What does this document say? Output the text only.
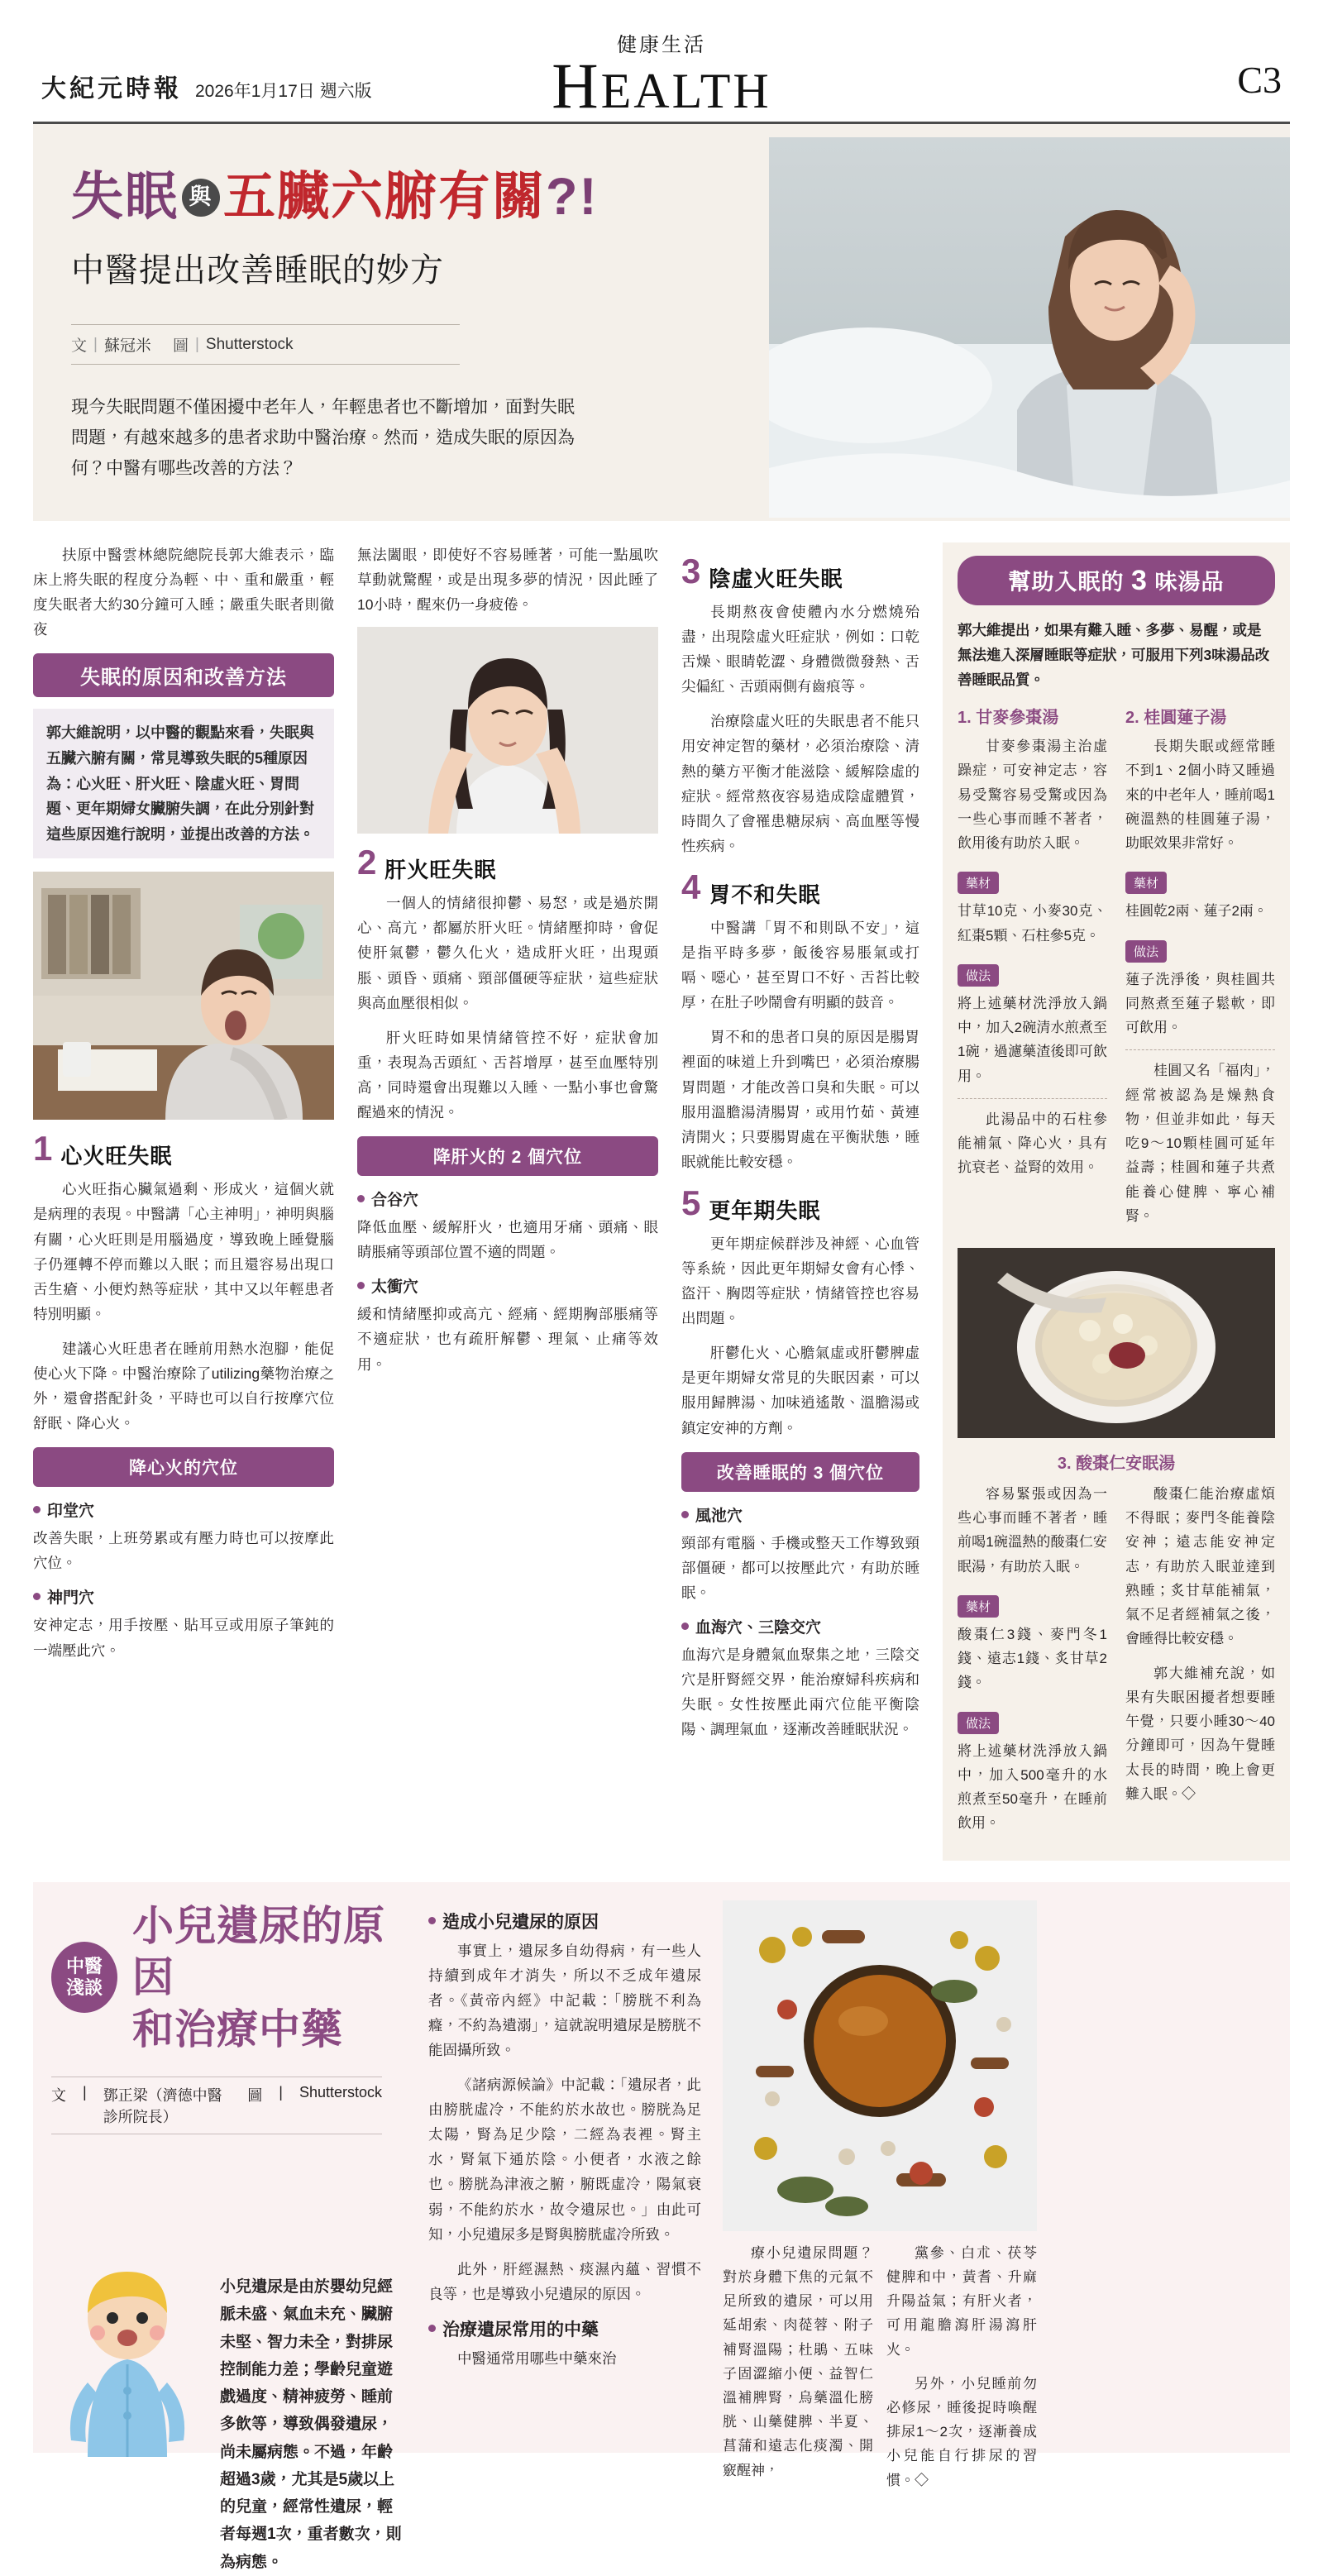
大紀元時報 2026年1月17日 週六版
健康生活
HEALTH	C3
失眠 與 五臟六腑有關?!
中醫提出改善睡眠的妙方
文 | 蘇冠米 圖 | Shutterstock
現今失眠問題不僅困擾中老年人，年輕患者也不斷增加，面對失眠問題，有越來越多的患者求助中醫治療。然而，造成失眠的原因為何？中醫有哪些改善的方法？

扶原中醫雲林總院總院長郭大維表示，臨床上將失眠的程度分為輕、中、重和嚴重，輕度失眠者大約30分鐘可入睡；嚴重失眠者則徹夜

失眠的原因和改善方法
郭大維說明，以中醫的觀點來看，失眠與五臟六腑有關，常見導致失眠的5種原因為：心火旺、肝火旺、陰虛火旺、胃問題、更年期婦女臟腑失調，在此分別針對這些原因進行說明，並提出改善的方法。
1 心火旺失眠

心火旺指心臟氣過剩、形成火，這個火就是病理的表現。中醫講「心主神明」，神明與腦有關，心火旺則是用腦過度，導致晚上睡覺腦子仍運轉不停而難以入眠；而且還容易出現口舌生瘡、小便灼熱等症狀，其中又以年輕患者特別明顯。

建議心火旺患者在睡前用熱水泡腳，能促使心火下降。中醫治療除了utilizing藥物治療之外，還會搭配針灸，平時也可以自行按摩穴位舒眠、降心火。

降心火的穴位
印堂穴

改善失眠，上班勞累或有壓力時也可以按摩此穴位。

神門穴

安神定志，用手按壓、貼耳豆或用原子筆鈍的一端壓此穴。

無法闔眼，即使好不容易睡著，可能一點風吹草動就驚醒，或是出現多夢的情況，因此睡了10小時，醒來仍一身疲倦。

2 肝火旺失眠

一個人的情緒很抑鬱、易怒，或是過於開心、高亢，都屬於肝火旺。情緒壓抑時，會促使肝氣鬱，鬱久化火，造成肝火旺，出現頭脹、頭昏、頭痛、頸部僵硬等症狀，這些症狀與高血壓很相似。

肝火旺時如果情緒管控不好，症狀會加重，表現為舌頭紅、舌苔增厚，甚至血壓特別高，同時還會出現難以入睡、一點小事也會驚醒過來的情況。

降肝火的 2 個穴位
合谷穴

降低血壓、緩解肝火，也適用牙痛、頭痛、眼睛脹痛等頭部位置不適的問題。

太衝穴

緩和情緒壓抑或高亢、經痛、經期胸部脹痛等不適症狀，也有疏肝解鬱、理氣、止痛等效用。

3 陰虛火旺失眠

長期熬夜會使體內水分燃燒殆盡，出現陰虛火旺症狀，例如：口乾舌燥、眼睛乾澀、身體微微發熱、舌尖偏紅、舌頭兩側有齒痕等。

治療陰虛火旺的失眠患者不能只用安神定智的藥材，必須治療陰、清熱的藥方平衡才能滋陰、緩解陰虛的症狀。經常熬夜容易造成陰虛體質，時間久了會罹患糖尿病、高血壓等慢性疾病。

4 胃不和失眠

中醫講「胃不和則臥不安」，這是指平時多夢，飯後容易脹氣或打嗝、噁心，甚至胃口不好、舌苔比較厚，在肚子吵鬧會有明顯的鼓音。

胃不和的患者口臭的原因是腸胃裡面的味道上升到嘴巴，必須治療腸胃問題，才能改善口臭和失眠。可以服用溫膽湯清腸胃，或用竹茹、黃連清開火；只要腸胃處在平衡狀態，睡眠就能比較安穩。

5 更年期失眠

更年期症候群涉及神經、心血管等系統，因此更年期婦女會有心悸、盜汗、胸悶等症狀，情緒管控也容易出問題。

肝鬱化火、心膽氣虛或肝鬱脾虛是更年期婦女常見的失眠因素，可以服用歸脾湯、加味逍遙散、溫膽湯或鎮定安神的方劑。

改善睡眠的 3 個穴位
風池穴

頸部有電腦、手機或整天工作導致頸部僵硬，都可以按壓此穴，有助於睡眠。

血海穴、三陰交穴

血海穴是身體氣血聚集之地，三陰交穴是肝腎經交界，能治療婦科疾病和失眠。女性按壓此兩穴位能平衡陰陽、調理氣血，逐漸改善睡眠狀況。

幫助入眠的 3 味湯品
郭大維提出，如果有難入睡、多夢、易醒，或是無法進入深層睡眠等症狀，可服用下列3味湯品改善睡眠品質。
1. 甘麥參棗湯

甘麥參棗湯主治虛躁症，可安神定志，容易受驚容易受驚或因為一些心事而睡不著者，飲用後有助於入眠。

藥材

甘草10克、小麥30克、紅棗5顆、石柱參5克。

做法

將上述藥材洗淨放入鍋中，加入2碗清水煎煮至1碗，過濾藥渣後即可飲用。

此湯品中的石柱參能補氣、降心火，具有抗衰老、益腎的效用。

2. 桂圓蓮子湯

長期失眠或經常睡不到1、2個小時又睡過來的中老年人，睡前喝1碗溫熱的桂圓蓮子湯，助眠效果非常好。

藥材

桂圓乾2兩、蓮子2兩。

做法

蓮子洗淨後，與桂圓共同熬煮至蓮子鬆軟，即可飲用。

桂圓又名「福肉」，經常被認為是燥熱食物，但並非如此，每天吃9～10顆桂圓可延年益壽；桂圓和蓮子共煮能養心健脾、寧心補腎。

3. 酸棗仁安眠湯

容易緊張或因為一些心事而睡不著者，睡前喝1碗溫熱的酸棗仁安眠湯，有助於入眠。

藥材

酸棗仁3錢、麥門冬1錢、遠志1錢、炙甘草2錢。

做法

將上述藥材洗淨放入鍋中，加入500毫升的水煎煮至50毫升，在睡前飲用。

酸棗仁能治療虛煩不得眠；麥門冬能養陰安神；遠志能安神定志，有助於入眠並達到熟睡；炙甘草能補氣，氣不足者經補氣之後，會睡得比較安穩。

郭大維補充說，如果有失眠困擾者想要睡午覺，只要小睡30～40分鐘即可，因為午覺睡太長的時間，晚上會更難入眠。◇

中醫
淺談
小兒遺尿的原因
和治療中藥
文 | 鄧正梁（濟德中醫診所院長）
圖 | Shutterstock
小兒遺尿是由於嬰幼兒經脈未盛、氣血未充、臟腑未堅、智力未全，對排尿控制能力差；學齡兒童遊戲過度、精神疲勞、睡前多飲等，導致偶發遺尿，尚未屬病態。不過，年齡超過3歲，尤其是5歲以上的兒童，經常性遺尿，輕者每週1次，重者數次，則為病態。
造成小兒遺尿的原因

事實上，遺尿多自幼得病，有一些人持續到成年才消失，所以不乏成年遺尿者。《黃帝內經》中記載：「膀胱不利為癃，不約為遺溺」，這就說明遺尿是膀胱不能固攝所致。

《諸病源候論》中記載：「遺尿者，此由膀胱虛冷，不能約於水故也。膀胱為足太陽，腎為足少陰，二經為表裡。腎主水，腎氣下通於陰。小便者，水液之餘也。膀胱為津液之腑，腑既虛冷，陽氣衰弱，不能約於水，故令遺尿也。」由此可知，小兒遺尿多是腎與膀胱虛冷所致。

此外，肝經濕熱、痰濕內蘊、習慣不良等，也是導致小兒遺尿的原因。

治療遺尿常用的中藥

中醫通常用哪些中藥來治

療小兒遺尿問題？對於身體下焦的元氣不足所致的遺尿，可以用延胡索、肉蓯蓉、附子補腎溫陽；杜鵑、五味子固澀縮小便、益智仁溫補脾腎，烏藥溫化膀胱、山藥健脾、半夏、菖蒲和遠志化痰濁、開竅醒神，

黨參、白朮、茯苓健脾和中，黃耆、升麻升陽益氣；有肝火者，可用龍膽瀉肝湯瀉肝火。

另外，小兒睡前勿必修尿，睡後捉時喚醒排尿1～2次，逐漸養成小兒能自行排尿的習慣。◇
